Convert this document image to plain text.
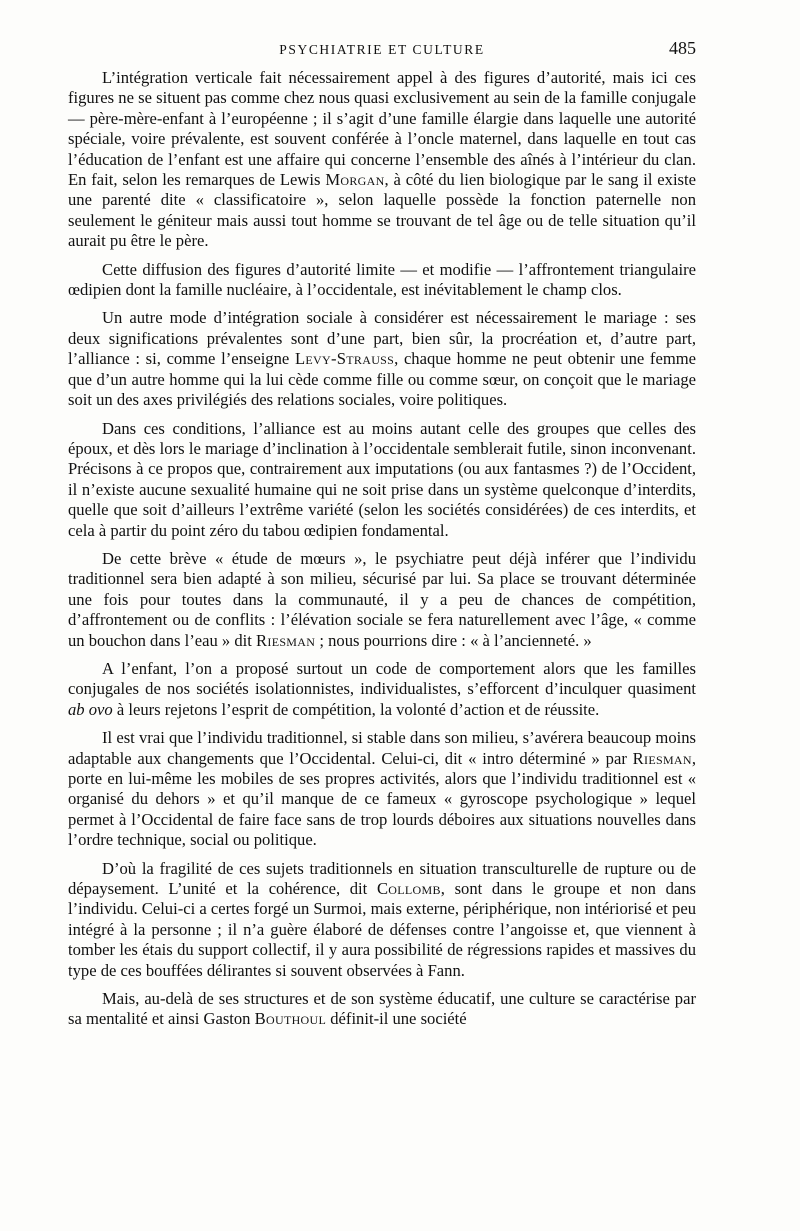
PSYCHIATRIE ET CULTURE	485

L’intégration verticale fait nécessairement appel à des figures d’autorité, mais ici ces figures ne se situent pas comme chez nous quasi exclusivement au sein de la famille conjugale — père-mère-enfant à l’européenne ; il s’agit d’une famille élargie dans laquelle une autorité spéciale, voire prévalente, est souvent conférée à l’oncle maternel, dans laquelle en tout cas l’éducation de l’enfant est une affaire qui concerne l’ensemble des aînés à l’intérieur du clan. En fait, selon les remarques de Lewis Morgan, à côté du lien biologique par le sang il existe une parenté dite « classificatoire », selon laquelle possède la fonction paternelle non seulement le géniteur mais aussi tout homme se trouvant de tel âge ou de telle situation qu’il aurait pu être le père.

Cette diffusion des figures d’autorité limite — et modifie — l’affrontement triangulaire œdipien dont la famille nucléaire, à l’occidentale, est inévitablement le champ clos.

Un autre mode d’intégration sociale à considérer est nécessairement le mariage : ses deux significations prévalentes sont d’une part, bien sûr, la procréation et, d’autre part, l’alliance : si, comme l’enseigne Levy-Strauss, chaque homme ne peut obtenir une femme que d’un autre homme qui la lui cède comme fille ou comme sœur, on conçoit que le mariage soit un des axes privilégiés des relations sociales, voire politiques.

Dans ces conditions, l’alliance est au moins autant celle des groupes que celles des époux, et dès lors le mariage d’inclination à l’occidentale semblerait futile, sinon inconvenant. Précisons à ce propos que, contrairement aux imputations (ou aux fantasmes ?) de l’Occident, il n’existe aucune sexualité humaine qui ne soit prise dans un système quelconque d’interdits, quelle que soit d’ailleurs l’extrême variété (selon les sociétés considérées) de ces interdits, et cela à partir du point zéro du tabou œdipien fondamental.

De cette brève « étude de mœurs », le psychiatre peut déjà inférer que l’individu traditionnel sera bien adapté à son milieu, sécurisé par lui. Sa place se trouvant déterminée une fois pour toutes dans la communauté, il y a peu de chances de compétition, d’affrontement ou de conflits : l’élévation sociale se fera naturellement avec l’âge, « comme un bouchon dans l’eau » dit Riesman ; nous pourrions dire : « à l’ancienneté. »

A l’enfant, l’on a proposé surtout un code de comportement alors que les familles conjugales de nos sociétés isolationnistes, individualistes, s’efforcent d’inculquer quasiment ab ovo à leurs rejetons l’esprit de compétition, la volonté d’action et de réussite.

Il est vrai que l’individu traditionnel, si stable dans son milieu, s’avérera beaucoup moins adaptable aux changements que l’Occidental. Celui-ci, dit « intro déterminé » par Riesman, porte en lui-même les mobiles de ses propres activités, alors que l’individu traditionnel est « organisé du dehors » et qu’il manque de ce fameux « gyroscope psychologique » lequel permet à l’Occidental de faire face sans de trop lourds déboires aux situations nouvelles dans l’ordre technique, social ou politique.

D’où la fragilité de ces sujets traditionnels en situation transculturelle de rupture ou de dépaysement. L’unité et la cohérence, dit Collomb, sont dans le groupe et non dans l’individu. Celui-ci a certes forgé un Surmoi, mais externe, périphérique, non intériorisé et peu intégré à la personne ; il n’a guère élaboré de défenses contre l’angoisse et, que viennent à tomber les étais du support collectif, il y aura possibilité de régressions rapides et massives du type de ces bouffées délirantes si souvent observées à Fann.

Mais, au-delà de ses structures et de son système éducatif, une culture se caractérise par sa mentalité et ainsi Gaston Bouthoul définit-il une société
